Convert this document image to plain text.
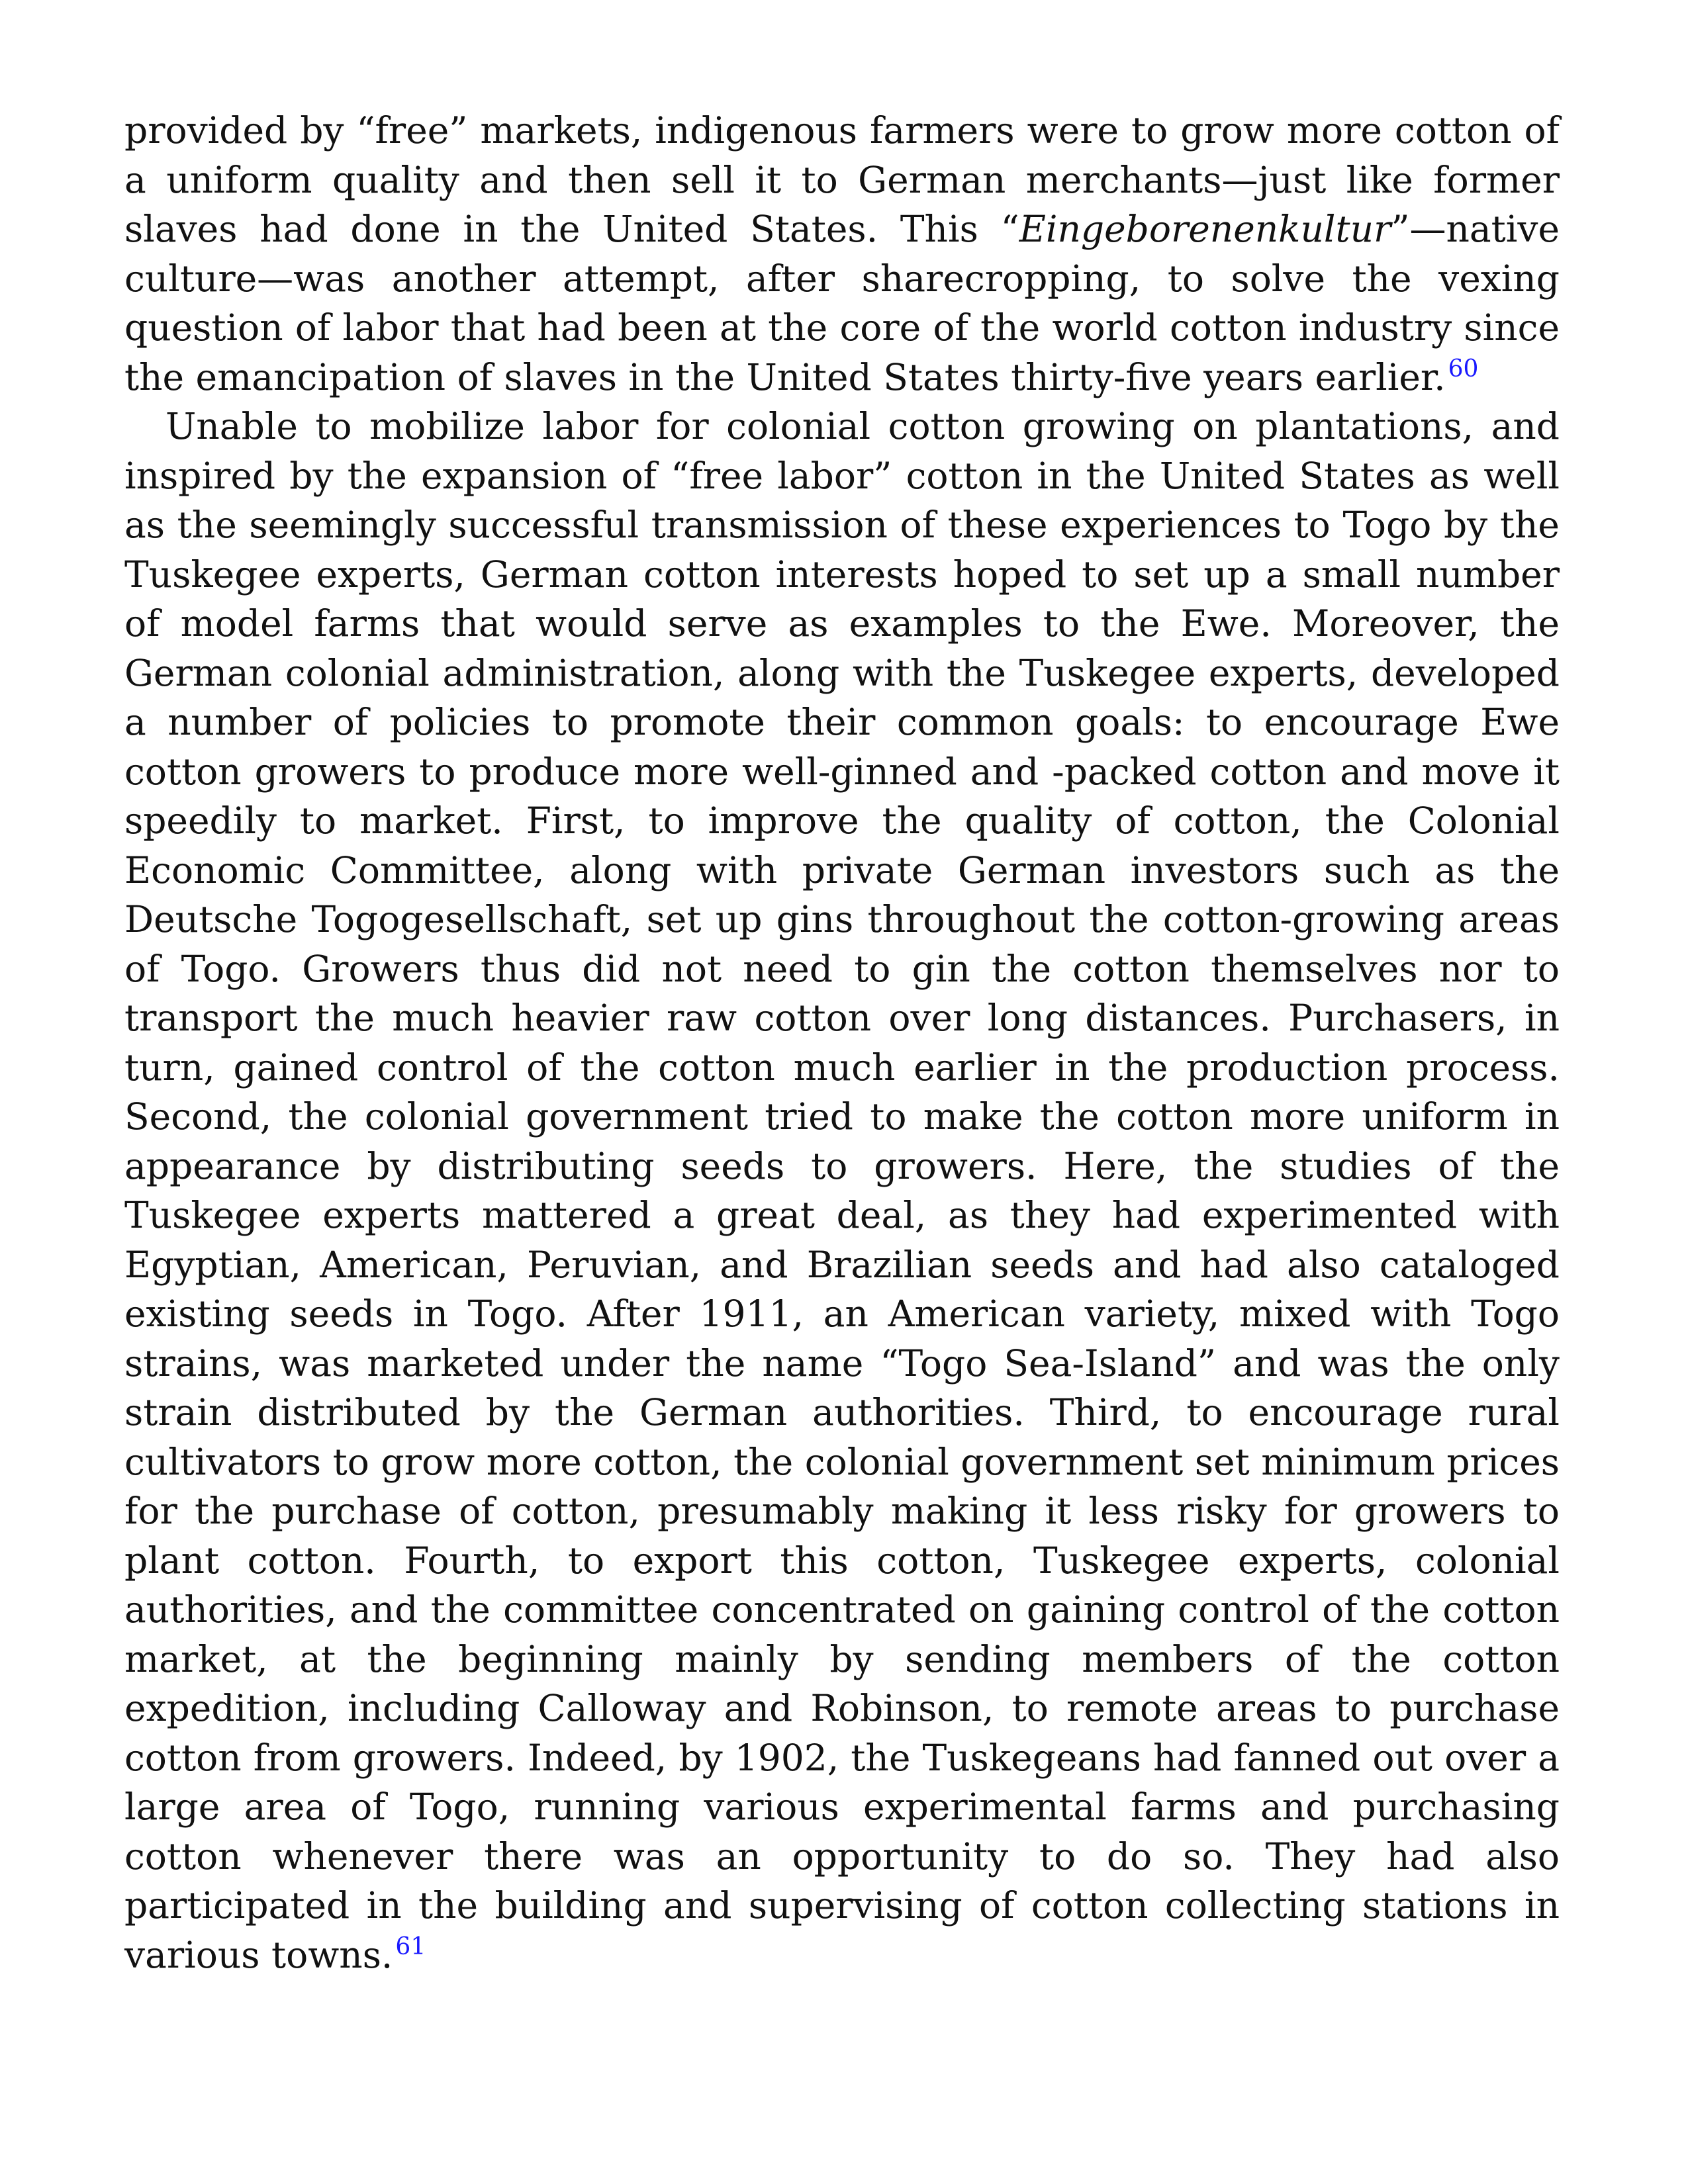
provided by “free” markets, indigenous farmers were to grow more cotton of a uniform quality and then sell it to German merchants—just like former slaves had done in the United States. This “Eingeborenenkultur”—native culture—was another attempt, after sharecropping, to solve the vexing question of labor that had been at the core of the world cotton industry since the emancipation of slaves in the United States thirty-five years earlier. $^{60}$

Unable to mobilize labor for colonial cotton growing on plantations, and inspired by the expansion of “free labor” cotton in the United States as well as the seemingly successful transmission of these experiences to Togo by the Tuskegee experts, German cotton interests hoped to set up a small number of model farms that would serve as examples to the Ewe. Moreover, the German colonial administration, along with the Tuskegee experts, developed a number of policies to promote their common goals: to encourage Ewe cotton growers to produce more well-ginned and -packed cotton and move it speedily to market. First, to improve the quality of cotton, the Colonial Economic Committee, along with private German investors such as the Deutsche Togogesellschaft, set up gins throughout the cotton-growing areas of Togo. Growers thus did not need to gin the cotton themselves nor to transport the much heavier raw cotton over long distances. Purchasers, in turn, gained control of the cotton much earlier in the production process. Second, the colonial government tried to make the cotton more uniform in appearance by distributing seeds to growers. Here, the studies of the Tuskegee experts mattered a great deal, as they had experimented with Egyptian, American, Peruvian, and Brazilian seeds and had also cataloged existing seeds in Togo. After 1911, an American variety, mixed with Togo strains, was marketed under the name “Togo Sea-Island” and was the only strain distributed by the German authorities. Third, to encourage rural cultivators to grow more cotton, the colonial government set minimum prices for the purchase of cotton, presumably making it less risky for growers to plant cotton. Fourth, to export this cotton, Tuskegee experts, colonial authorities, and the committee concentrated on gaining control of the cotton market, at the beginning mainly by sending members of the cotton expedition, including Calloway and Robinson, to remote areas to purchase cotton from growers. Indeed, by 1902, the Tuskegeans had fanned out over a large area of Togo, running various experimental farms and purchasing cotton whenever there was an opportunity to do so. They had also participated in the building and supervising of cotton collecting stations in various towns. $^{61}$
